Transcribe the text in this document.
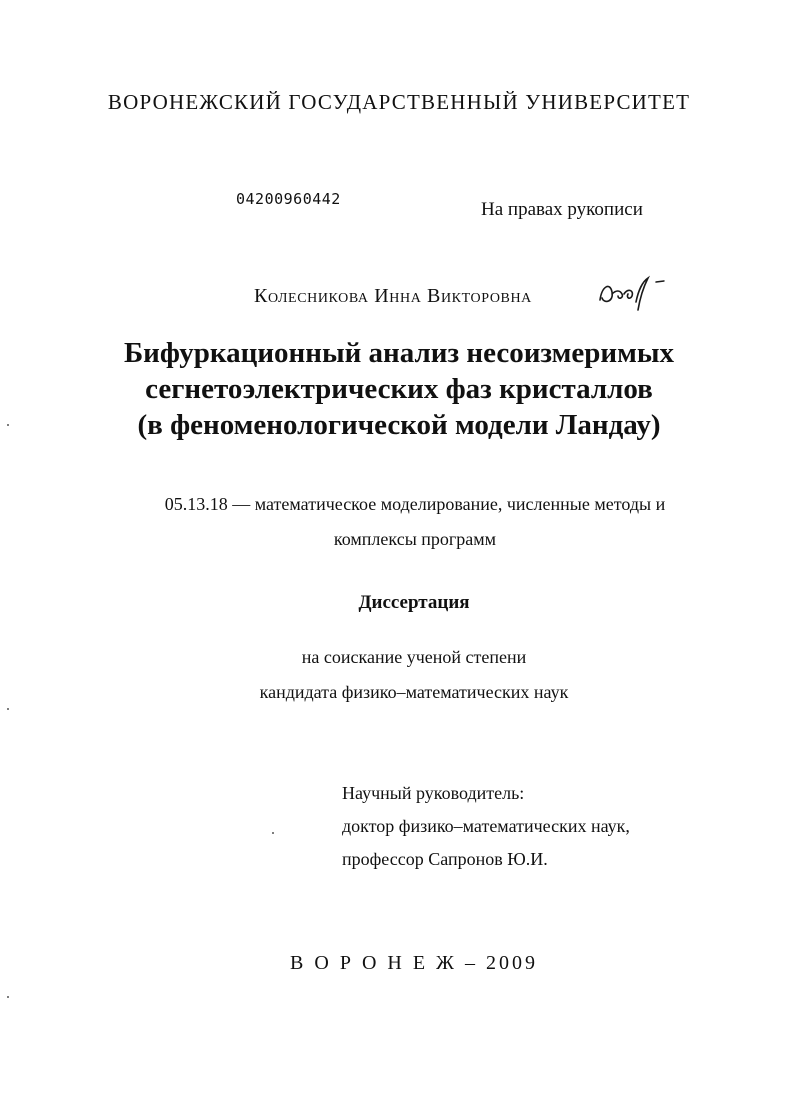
ВОРОНЕЖСКИЙ ГОСУДАРСТВЕННЫЙ УНИВЕРСИТЕТ
04200960442	На правах рукописи
Колесникова Инна Викторовна
Бифуркационный анализ несоизмеримых
сегнетоэлектрических фаз кристаллов
(в феноменологической модели Ландау)
05.13.18 — математическое моделирование, численные методы и
комплексы программ
Диссертация
на соискание ученой степени
кандидата физико–математических наук
Научный руководитель:
доктор физико–математических наук,
профессор Сапронов Ю.И.
В О Р О Н Е Ж – 2009
